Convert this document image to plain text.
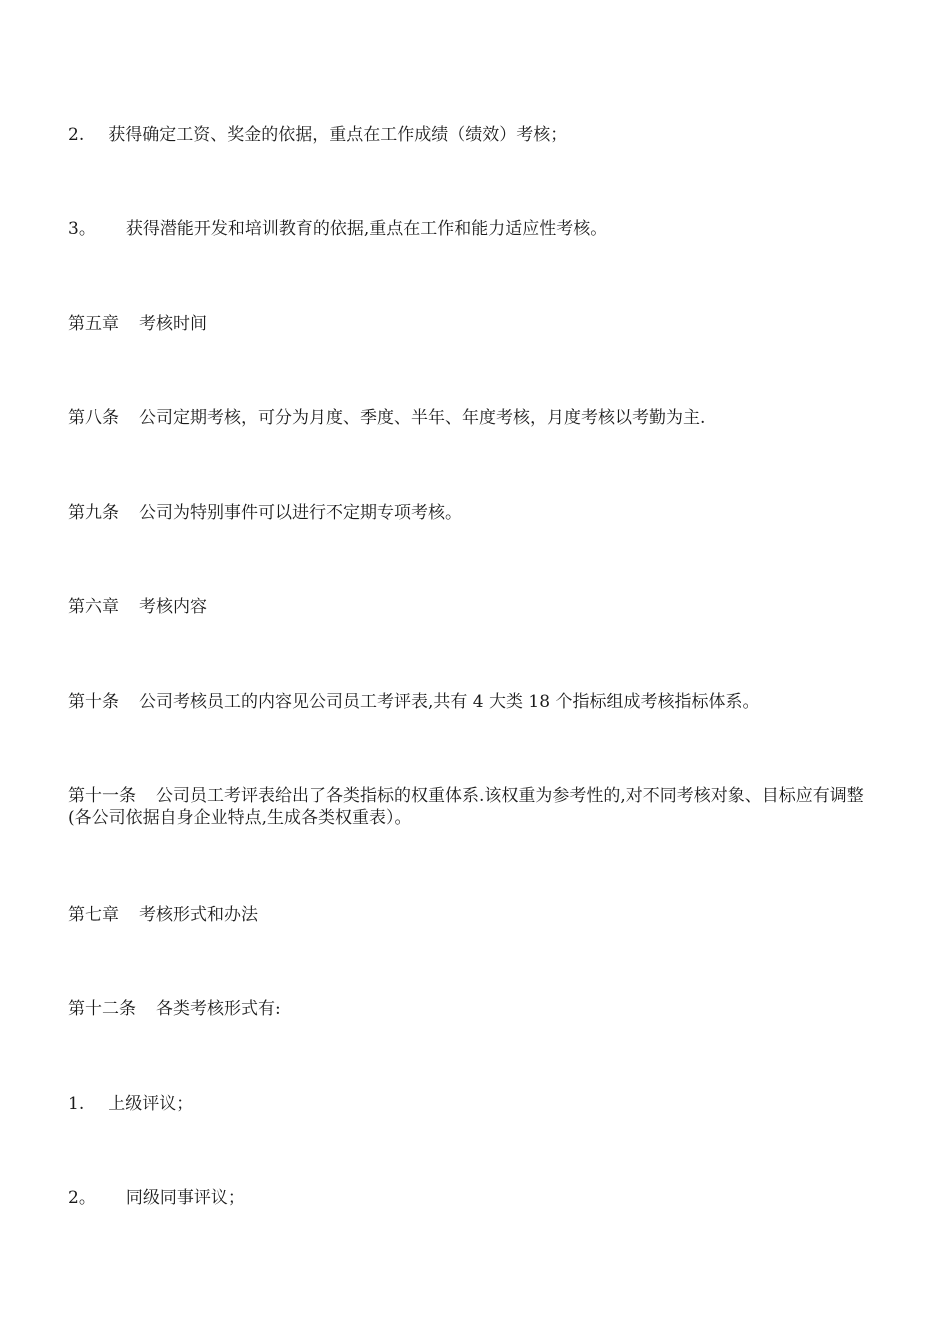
2. 获得确定工资、奖金的依据，重点在工作成绩（绩效）考核；
3。 获得潜能开发和培训教育的依据,重点在工作和能力适应性考核。
第五章 考核时间
第八条 公司定期考核，可分为月度、季度、半年、年度考核，月度考核以考勤为主.
第九条 公司为特别事件可以进行不定期专项考核。
第六章 考核内容
第十条 公司考核员工的内容见公司员工考评表,共有 4 大类 18 个指标组成考核指标体系。
第十一条 公司员工考评表给出了各类指标的权重体系.该权重为参考性的,对不同考核对象、目标应有调整(各公司依据自身企业特点,生成各类权重表）。
第七章 考核形式和办法
第十二条 各类考核形式有:
1. 上级评议；
2。 同级同事评议；
